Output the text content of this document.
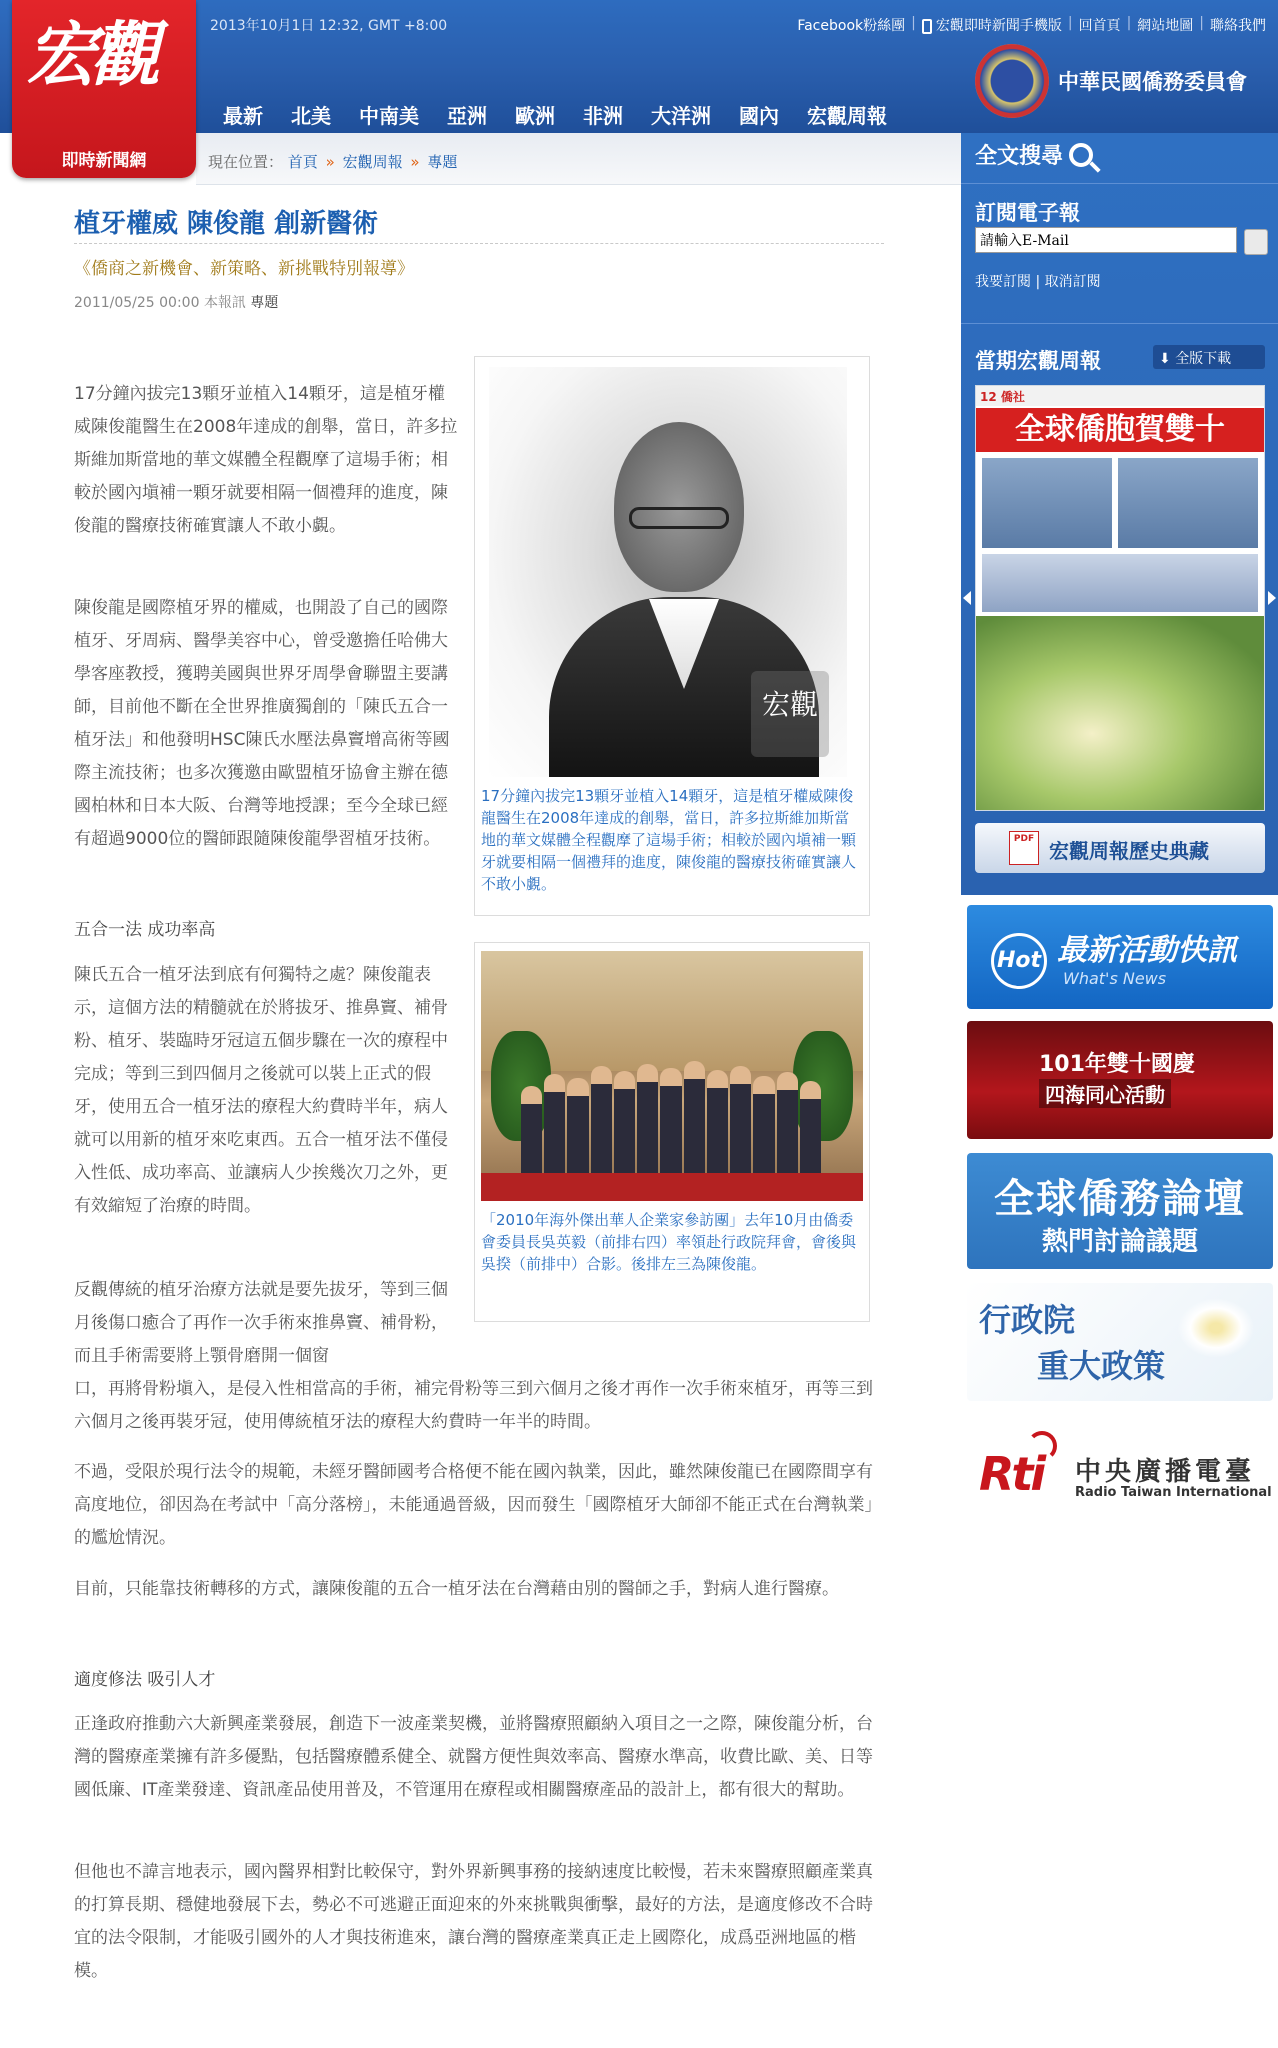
2013年10月1日 12:32, GMT +8:00	Facebook粉絲團 |	宏觀即時新聞手機版 | 回首頁 | 網站地圖 | 聯絡我們
最新 北美 中南美 亞洲 歐洲 非洲 大洋洲 國內 宏觀周報
中華民國僑務委員會
宏觀
即時新聞網	現在位置： 首頁 » 宏觀周報 » 專題
植牙權威 陳俊龍 創新醫術
《僑商之新機會、新策略、新挑戰特別報導》
2011/05/25 00:00 本報訊 專題
17分鐘內拔完13顆牙並植入14顆牙，這是植牙權威陳俊龍醫生在2008年達成的創舉，當日，許多拉斯維加斯當地的華文媒體全程觀摩了這場手術；相較於國內塡補一顆牙就要相隔一個禮拜的進度，陳俊龍的醫療技術確實讓人不敢小覷。
陳俊龍是國際植牙界的權威，也開設了自己的國際植牙、牙周病、醫學美容中心，曾受邀擔任哈佛大學客座教授，獲聘美國與世界牙周學會聯盟主要講師，目前他不斷在全世界推廣獨創的「陳氏五合一植牙法」和他發明HSC陳氏水壓法鼻竇增高術等國際主流技術；也多次獲邀由歐盟植牙協會主辦在德國柏林和日本大阪、台灣等地授課；至今全球已經有超過9000位的醫師跟隨陳俊龍學習植牙技術。
五合一法 成功率高
陳氏五合一植牙法到底有何獨特之處？陳俊龍表示，這個方法的精髓就在於將拔牙、推鼻竇、補骨粉、植牙、裝臨時牙冠這五個步驟在一次的療程中完成；等到三到四個月之後就可以裝上正式的假牙，使用五合一植牙法的療程大約費時半年，病人就可以用新的植牙來吃東西。五合一植牙法不僅侵入性低、成功率高、並讓病人少挨幾次刀之外，更有效縮短了治療的時間。
反觀傳統的植牙治療方法就是要先拔牙，等到三個月後傷口癒合了再作一次手術來推鼻竇、補骨粉，而且手術需要將上顎骨磨開一個窗
口，再將骨粉塡入，是侵入性相當高的手術，補完骨粉等三到六個月之後才再作一次手術來植牙，再等三到六個月之後再裝牙冠，使用傳統植牙法的療程大約費時一年半的時間。
不過，受限於現行法令的規範，未經牙醫師國考合格便不能在國內執業，因此，雖然陳俊龍已在國際間享有高度地位，卻因為在考試中「高分落榜」，未能通過晉級，因而發生「國際植牙大師卻不能正式在台灣執業」的尷尬情況。
目前，只能靠技術轉移的方式，讓陳俊龍的五合一植牙法在台灣藉由別的醫師之手，對病人進行醫療。
適度修法 吸引人才
正逢政府推動六大新興產業發展，創造下一波產業契機，並將醫療照顧納入項目之一之際，陳俊龍分析，台灣的醫療產業擁有許多優點，包括醫療體系健全、就醫方便性與效率高、醫療水準高，收費比歐、美、日等國低廉、IT產業發達、資訊產品使用普及，不管運用在療程或相關醫療產品的設計上，都有很大的幫助。
但他也不諱言地表示，國內醫界相對比較保守，對外界新興事務的接納速度比較慢，若未來醫療照顧產業真的打算長期、穩健地發展下去，勢必不可逃避正面迎來的外來挑戰與衝擊，最好的方法，是適度修改不合時宜的法令限制，才能吸引國外的人才與技術進來，讓台灣的醫療產業真正走上國際化，成爲亞洲地區的楷模。
宏觀
17分鐘內拔完13顆牙並植入14顆牙，這是植牙權威陳俊龍醫生在2008年達成的創舉，當日，許多拉斯維加斯當地的華文媒體全程觀摩了這場手術；相較於國內塡補一顆牙就要相隔一個禮拜的進度，陳俊龍的醫療技術確實讓人不敢小覷。
「2010年海外傑出華人企業家參訪團」去年10月由僑委會委員長吳英毅（前排右四）率領赴行政院拜會，會後與吳揆（前排中）合影。後排左三為陳俊龍。
全文搜尋
訂閱電子報
請輸入E-Mail
我要訂閱 | 取消訂閱
當期宏觀周報	⬇ 全版下載
12 僑社
全球僑胞賀雙十
PDF 宏觀周報歷史典藏
Hot 最新活動快訊
What's News
101年雙十國慶
四海同心活動
全球僑務論壇
熱門討論議題
行政院
重大政策
Rti 中央廣播電臺
Radio Taiwan International
